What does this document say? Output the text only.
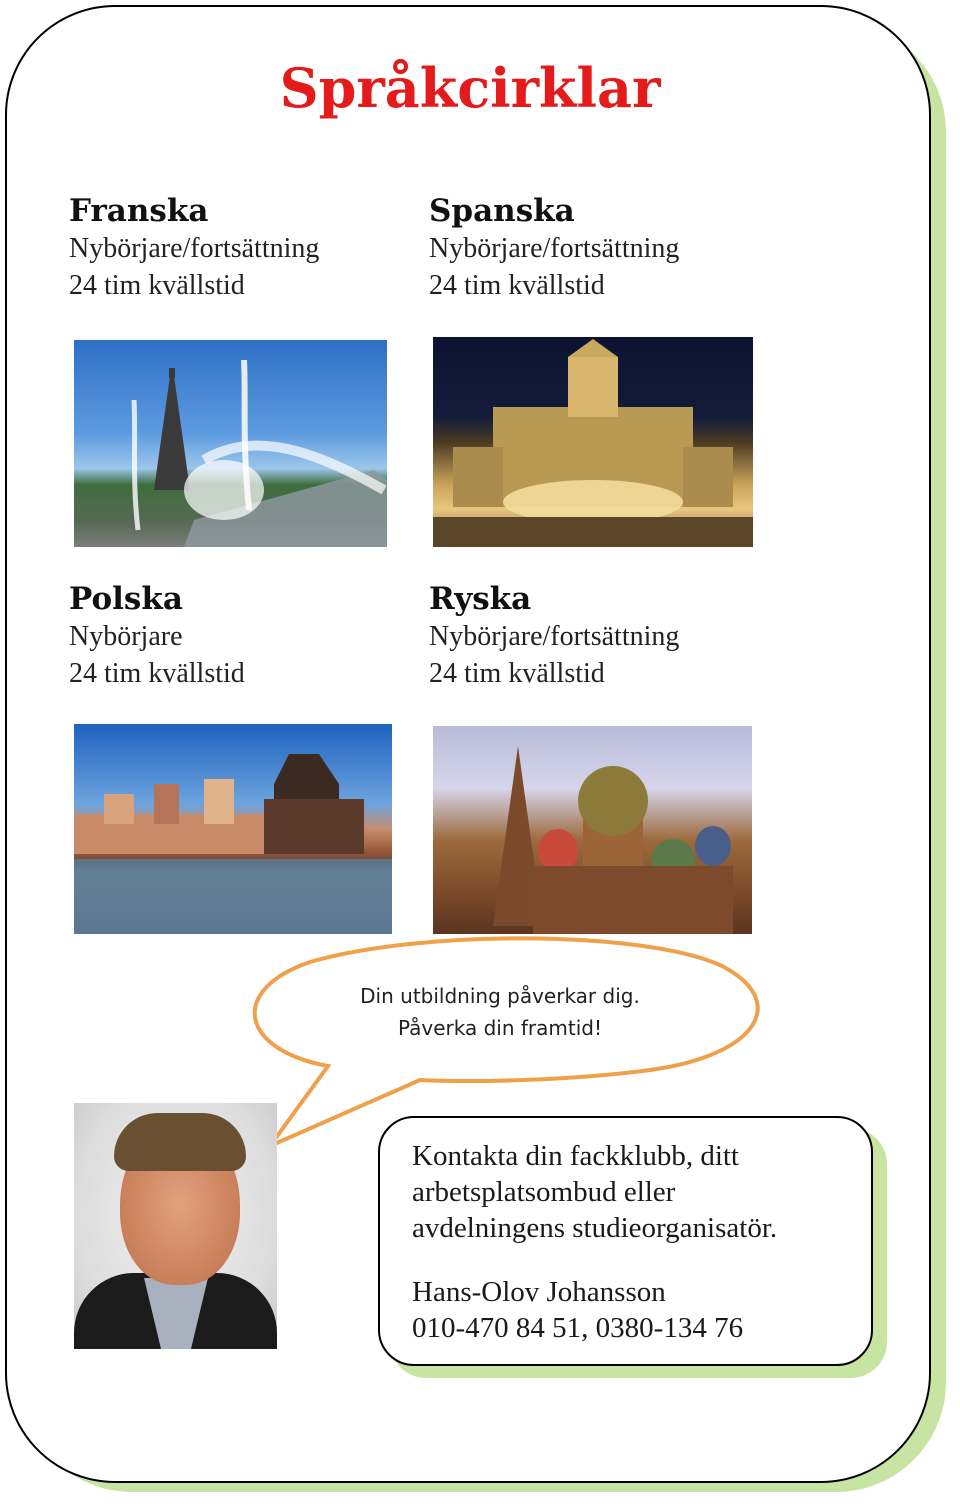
Språkcirklar
Franska
Nybörjare/fortsättning
24 tim kvällstid
Spanska
Nybörjare/fortsättning
24 tim kvällstid
Polska
Nybörjare
24 tim kvällstid
Ryska
Nybörjare/fortsättning
24 tim kvällstid
Din utbildning påverkar dig.
Påverka din framtid!
Kontakta din fackklubb, ditt
arbetsplatsombud eller
avdelningens studieorganisatör.
Hans-Olov Johansson
010-470 84 51, 0380-134 76
